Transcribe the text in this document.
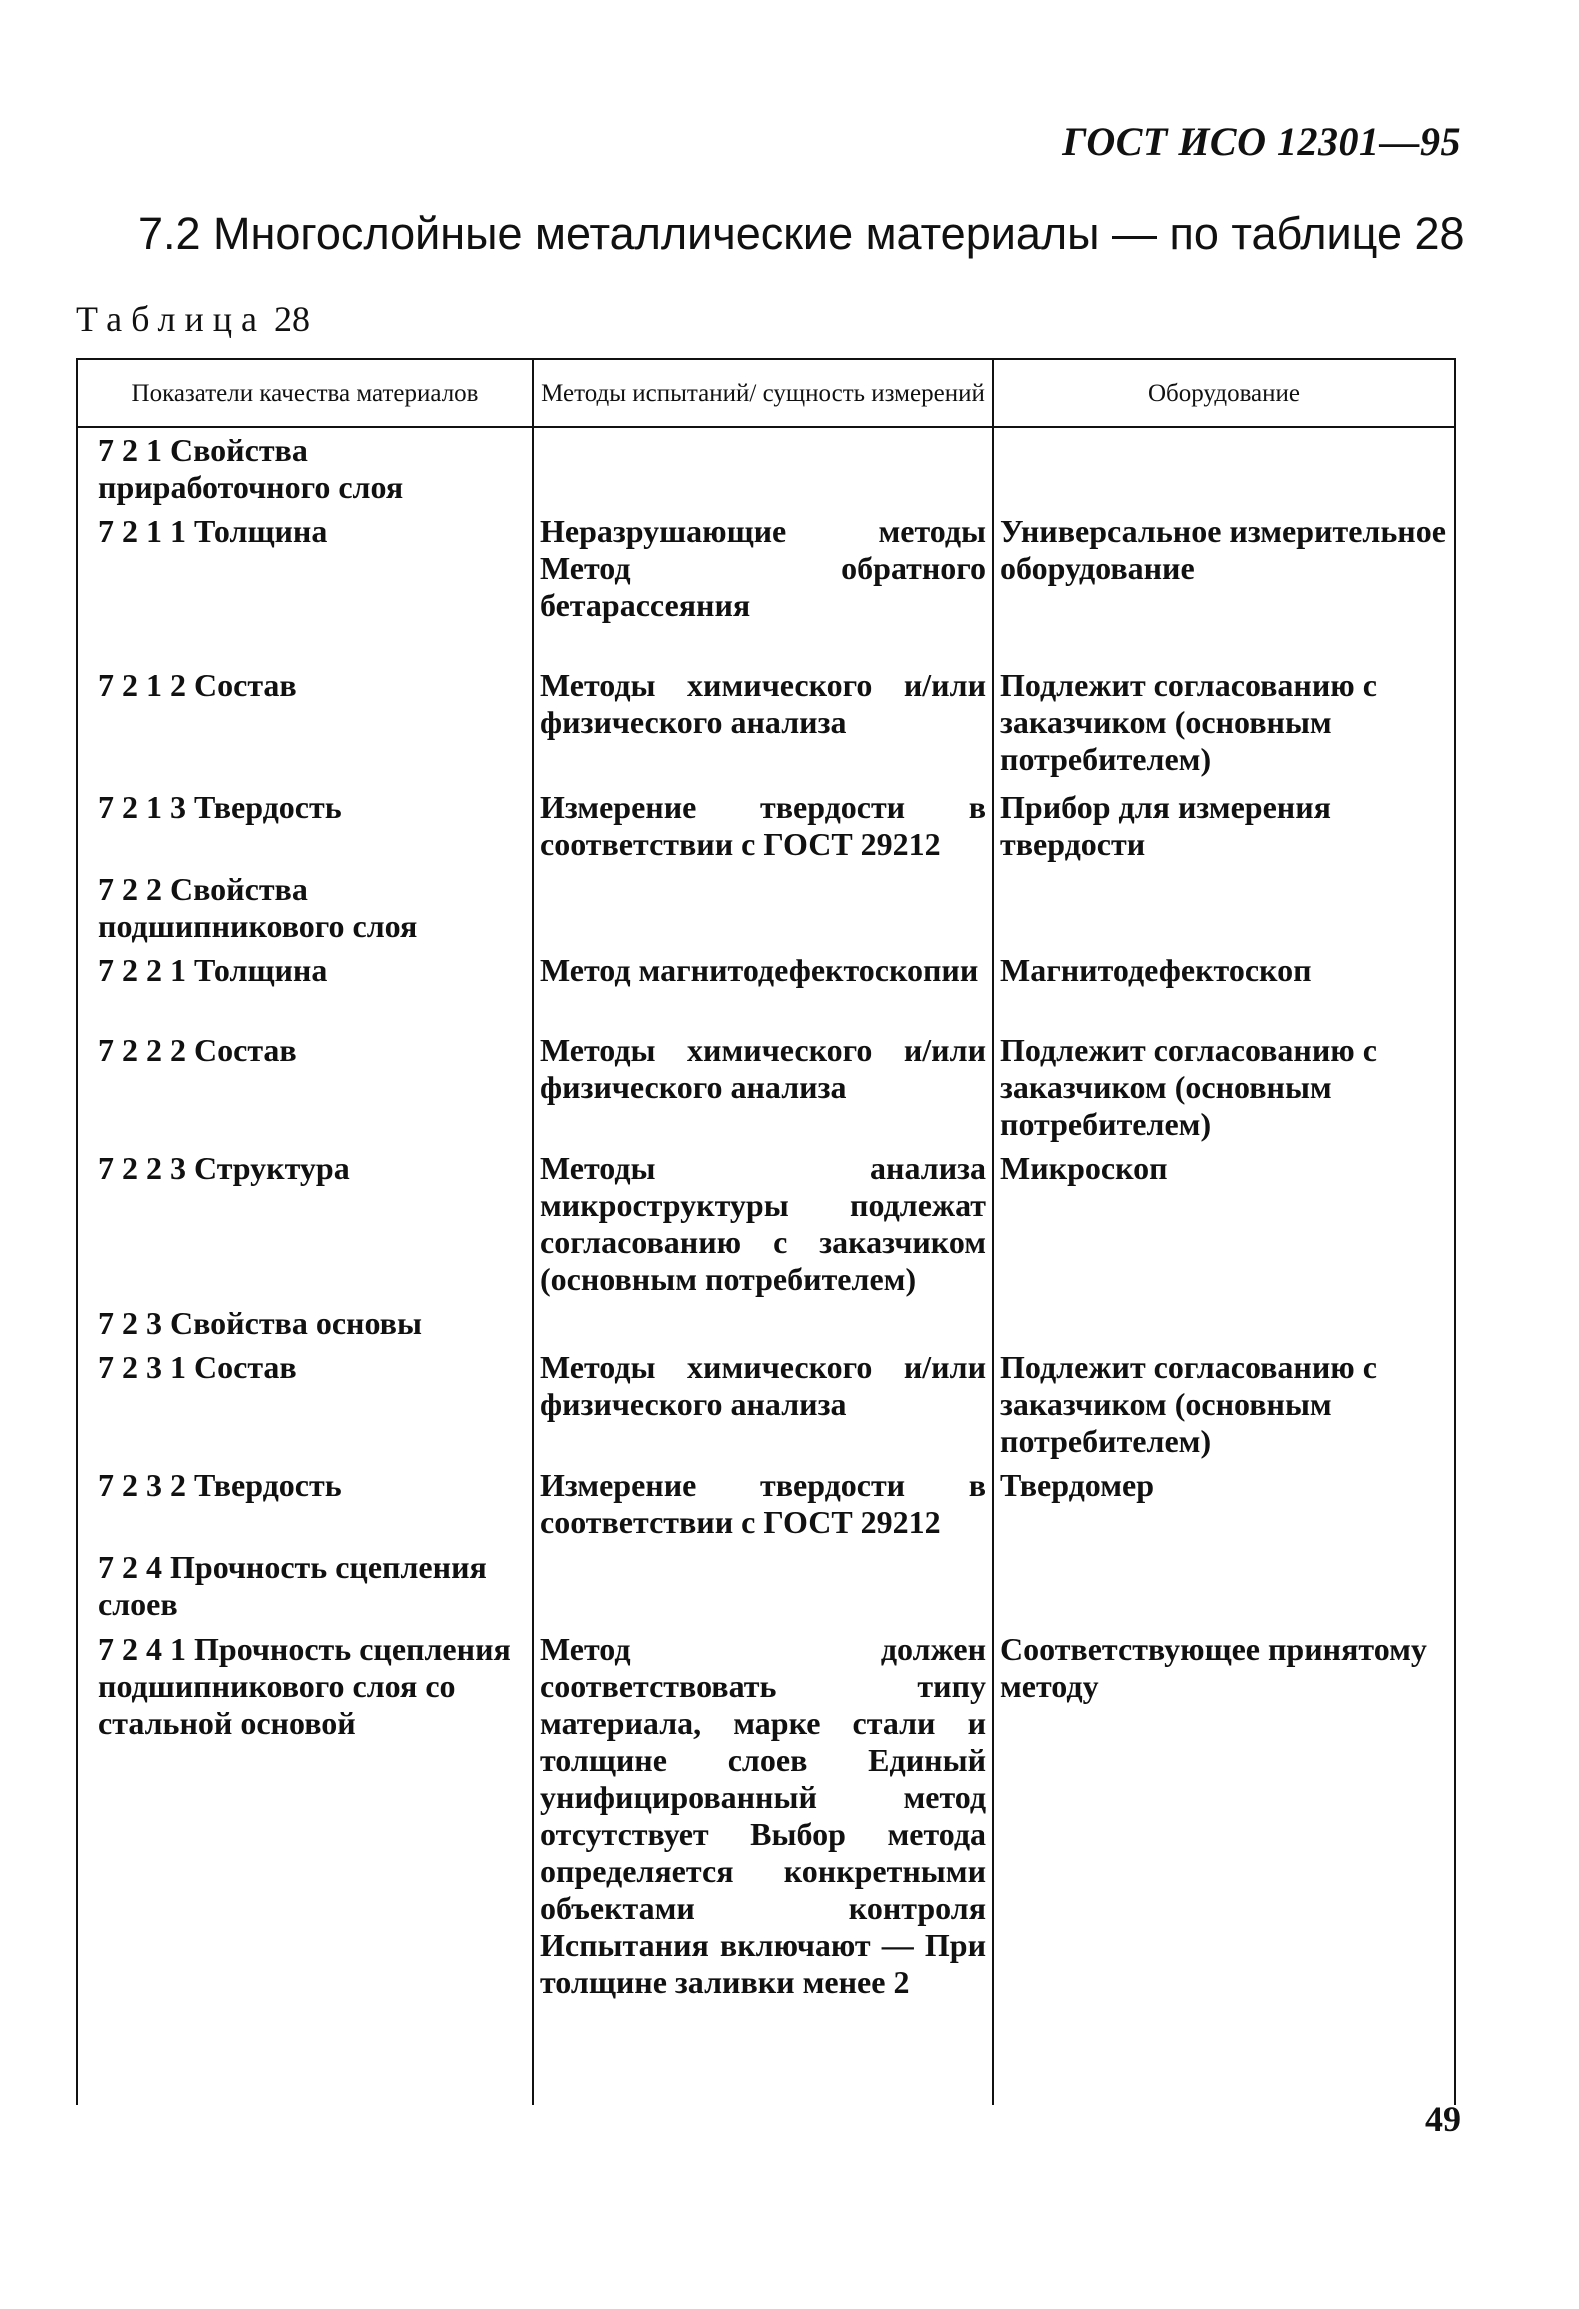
ГОСТ ИСО 12301—95
7.2 Многослойные металлические материалы — по таблице 28
Таблица 28
Показатели качества материалов	Методы испытаний/ сущность измерений	Оборудование
7 2 1 Свойства приработочного слоя		
7 2 1 1 Толщина	Неразрушающие методы Метод обратного бетарассеяния	Универсальное измерительное оборудование
7 2 1 2 Состав	Методы химического и/или физического анализа	Подлежит согласованию с заказчиком (основным потребителем)
7 2 1 3 Твердость	Измерение твердости в соответствии с ГОСТ 29212	Прибор для измерения твердости
7 2 2 Свойства подшипникового слоя		
7 2 2 1 Толщина	Метод магнитодефектоскопии	Магнитодефектоскоп
7 2 2 2 Состав	Методы химического и/или физического анализа	Подлежит согласованию с заказчиком (основным потребителем)
7 2 2 3 Структура	Методы анализа микроструктуры подлежат согласованию с заказчиком (основным потребителем)	Микроскоп
7 2 3 Свойства основы		
7 2 3 1 Состав	Методы химического и/или физического анализа	Подлежит согласованию с заказчиком (основным потребителем)
7 2 3 2 Твердость	Измерение твердости в соответствии с ГОСТ 29212	Твердомер
7 2 4 Прочность сцепления слоев		
7 2 4 1 Прочность сцепления подшипникового слоя со стальной основой	Метод должен соответствовать типу материала, марке стали и толщине слоев Единый унифицированный метод отсутствует Выбор метода определяется конкретными объектами контроля Испытания включают — При толщине заливки менее 2	Соответствующее принятому методу
49
